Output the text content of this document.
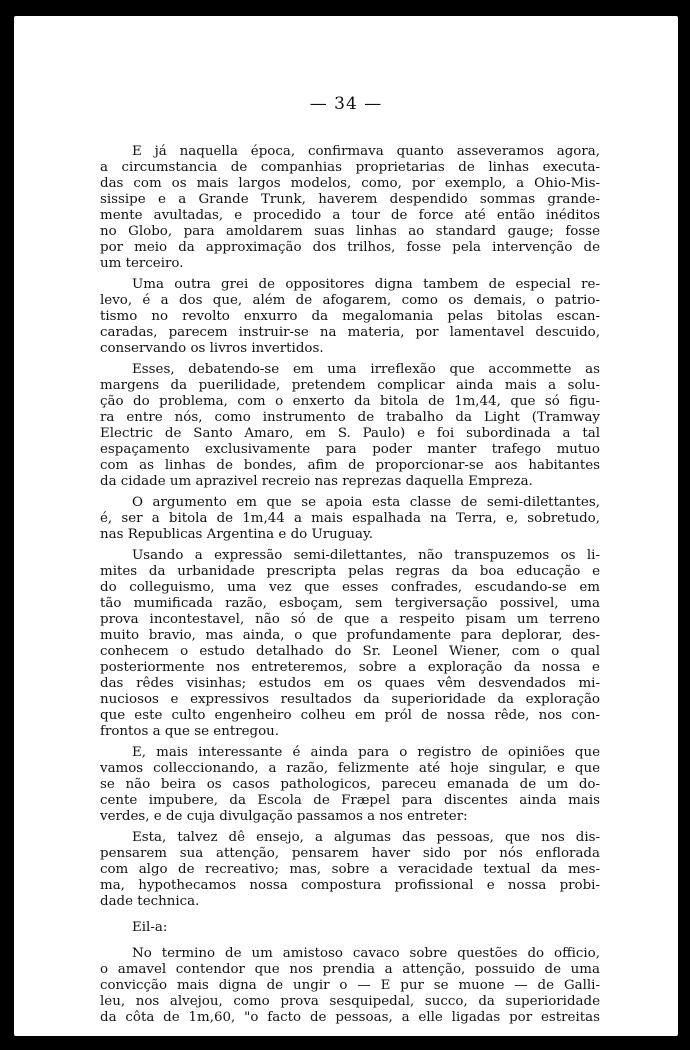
— 34 —
E já naquella época, confirmava quanto asseveramos agora,
a circumstancia de companhias proprietarias de linhas executa-
das com os mais largos modelos, como, por exemplo, a Ohio-Mis-
sissipe e a Grande Trunk, haverem despendido sommas grande-
mente avultadas, e procedido a tour de force até então inéditos
no Globo, para amoldarem suas linhas ao standard gauge; fosse
por meio da approximação dos trilhos, fosse pela intervenção de
um terceiro.
Uma outra grei de oppositores digna tambem de especial re-
levo, é a dos que, além de afogarem, como os demais, o patrio-
tismo no revolto enxurro da megalomania pelas bitolas escan-
caradas, parecem instruir-se na materia, por lamentavel descuido,
conservando os livros invertidos.
Esses, debatendo-se em uma irreflexão que accommette as
margens da puerilidade, pretendem complicar ainda mais a solu-
ção do problema, com o enxerto da bitola de 1m,44, que só figu-
ra entre nós, como instrumento de trabalho da Light (Tramway
Electric de Santo Amaro, em S. Paulo) e foi subordinada a tal
espaçamento exclusivamente para poder manter trafego mutuo
com as linhas de bondes, afim de proporcionar-se aos habitantes
da cidade um aprazivel recreio nas reprezas daquella Empreza.
O argumento em que se apoia esta classe de semi-dilettantes,
é, ser a bitola de 1m,44 a mais espalhada na Terra, e, sobretudo,
nas Republicas Argentina e do Uruguay.
Usando a expressão semi-dilettantes, não transpuzemos os li-
mites da urbanidade prescripta pelas regras da boa educação e
do colleguismo, uma vez que esses confrades, escudando-se em
tão mumificada razão, esboçam, sem tergiversação possivel, uma
prova incontestavel, não só de que a respeito pisam um terreno
muito bravio, mas ainda, o que profundamente para deplorar, des-
conhecem o estudo detalhado do Sr. Leonel Wiener, com o qual
posteriormente nos entreteremos, sobre a exploração da nossa e
das rêdes visinhas; estudos em os quaes vêm desvendados mi-
nuciosos e expressivos resultados da superioridade da exploração
que este culto engenheiro colheu em pról de nossa rêde, nos con-
frontos a que se entregou.
E, mais interessante é ainda para o registro de opiniões que
vamos colleccionando, a razão, felizmente até hoje singular, e que
se não beira os casos pathologicos, pareceu emanada de um do-
cente impubere, da Escola de Fræpel para discentes ainda mais
verdes, e de cuja divulgação passamos a nos entreter:
Esta, talvez dê ensejo, a algumas das pessoas, que nos dis-
pensarem sua attenção, pensarem haver sido por nós enflorada
com algo de recreativo; mas, sobre a veracidade textual da mes-
ma, hypothecamos nossa compostura profissional e nossa probi-
dade technica.
Eil-a:
No termino de um amistoso cavaco sobre questões do officio,
o amavel contendor que nos prendia a attenção, possuido de uma
convicção mais digna de ungir o — E pur se muone — de Galli-
leu, nos alvejou, como prova sesquipedal, succo, da superioridade
da côta de 1m,60, "o facto de pessoas, a elle ligadas por estreitas
